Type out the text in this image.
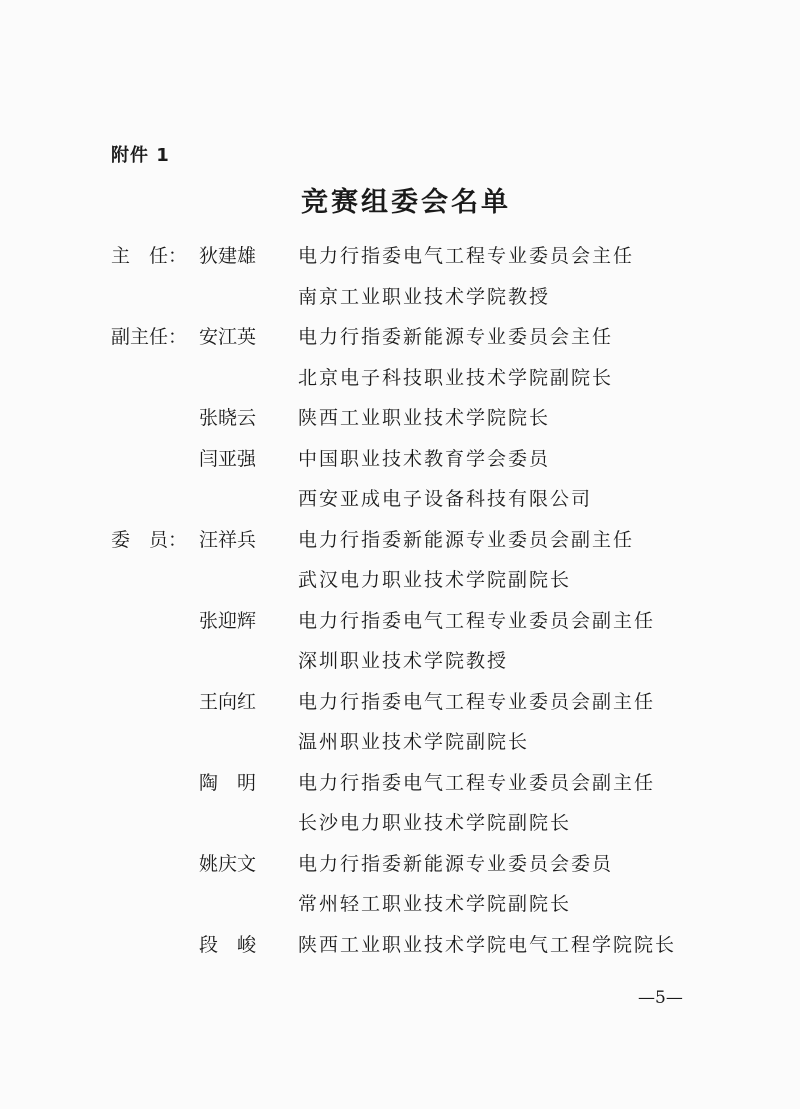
附件 1
竞赛组委会名单
主　任： 狄建雄	电力行指委电气工程专业委员会主任
南京工业职业技术学院教授
副主任： 安江英	电力行指委新能源专业委员会主任
北京电子科技职业技术学院副院长
张晓云	陕西工业职业技术学院院长
闫亚强	中国职业技术教育学会委员
西安亚成电子设备科技有限公司
委　员： 汪祥兵	电力行指委新能源专业委员会副主任
武汉电力职业技术学院副院长
张迎辉	电力行指委电气工程专业委员会副主任
深圳职业技术学院教授
王向红	电力行指委电气工程专业委员会副主任
温州职业技术学院副院长
陶　明	电力行指委电气工程专业委员会副主任
长沙电力职业技术学院副院长
姚庆文	电力行指委新能源专业委员会委员
常州轻工职业技术学院副院长
段　峻	陕西工业职业技术学院电气工程学院院长
—5—
